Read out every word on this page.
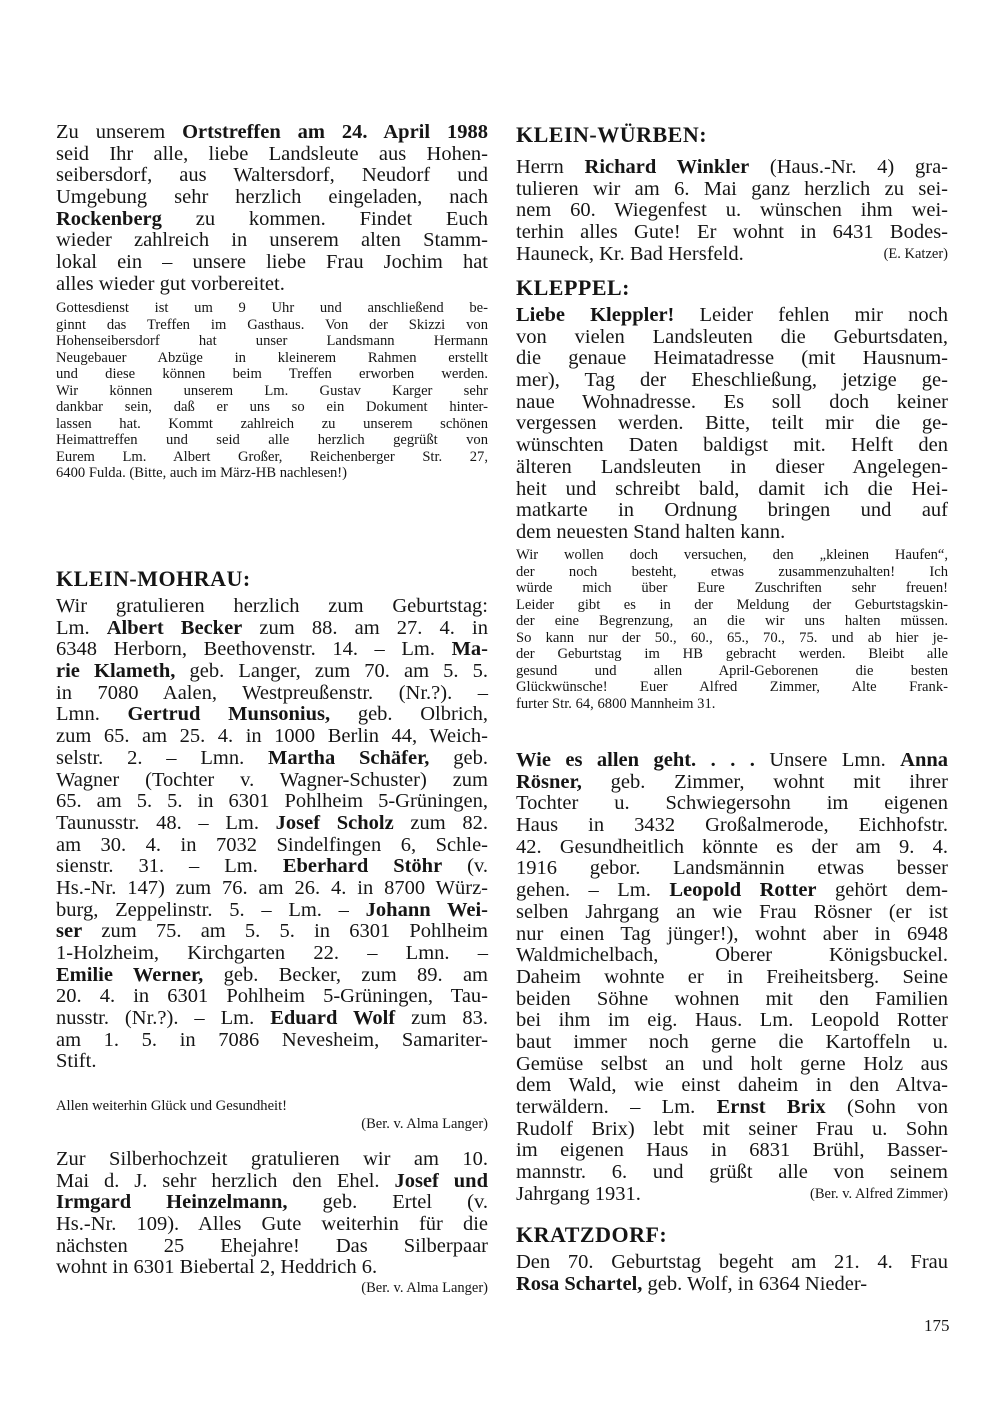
Zu unserem Ortstreffen am 24. April 1988
seid Ihr alle, liebe Landsleute aus Hohen-
seibersdorf, aus Waltersdorf, Neudorf und
Umgebung sehr herzlich eingeladen, nach
Rockenberg zu kommen. Findet Euch
wieder zahlreich in unserem alten Stamm-
lokal ein – unsere liebe Frau Jochim hat
alles wieder gut vorbereitet.
Gottesdienst ist um 9 Uhr und anschließend be-
ginnt das Treffen im Gasthaus. Von der Skizzi von
Hohenseibersdorf hat unser Landsmann Hermann
Neugebauer Abzüge in kleinerem Rahmen erstellt
und diese können beim Treffen erworben werden.
Wir können unserem Lm. Gustav Karger sehr
dankbar sein, daß er uns so ein Dokument hinter-
lassen hat. Kommt zahlreich zu unserem schönen
Heimattreffen und seid alle herzlich gegrüßt von
Eurem Lm. Albert Großer, Reichenberger Str. 27,
6400 Fulda. (Bitte, auch im März-HB nachlesen!)
KLEIN-MOHRAU:
Wir gratulieren herzlich zum Geburtstag:
Lm. Albert Becker zum 88. am 27. 4. in
6348 Herborn, Beethovenstr. 14. – Lm. Ma-
rie Klameth, geb. Langer, zum 70. am 5. 5.
in 7080 Aalen, Westpreußenstr. (Nr.?). –
Lmn. Gertrud Munsonius, geb. Olbrich,
zum 65. am 25. 4. in 1000 Berlin 44, Weich-
selstr. 2. – Lmn. Martha Schäfer, geb.
Wagner (Tochter v. Wagner-Schuster) zum
65. am 5. 5. in 6301 Pohlheim 5-Grüningen,
Taunusstr. 48. – Lm. Josef Scholz zum 82.
am 30. 4. in 7032 Sindelfingen 6, Schle-
sienstr. 31. – Lm. Eberhard Stöhr (v.
Hs.-Nr. 147) zum 76. am 26. 4. in 8700 Würz-
burg, Zeppelinstr. 5. – Lm. – Johann Wei-
ser zum 75. am 5. 5. in 6301 Pohlheim
1-Holzheim, Kirchgarten 22. – Lmn. –
Emilie Werner, geb. Becker, zum 89. am
20. 4. in 6301 Pohlheim 5-Grüningen, Tau-
nusstr. (Nr.?). – Lm. Eduard Wolf zum 83.
am 1. 5. in 7086 Nevesheim, Samariter-
Stift.
Allen weiterhin Glück und Gesundheit!
(Ber. v. Alma Langer)
Zur Silberhochzeit gratulieren wir am 10.
Mai d. J. sehr herzlich den Ehel. Josef und
Irmgard Heinzelmann, geb. Ertel (v.
Hs.-Nr. 109). Alles Gute weiterhin für die
nächsten 25 Ehejahre! Das Silberpaar
wohnt in 6301 Biebertal 2, Heddrich 6.
(Ber. v. Alma Langer)
KLEIN-WÜRBEN:
Herrn Richard Winkler (Haus.-Nr. 4) gra-
tulieren wir am 6. Mai ganz herzlich zu sei-
nem 60. Wiegenfest u. wünschen ihm wei-
terhin alles Gute! Er wohnt in 6431 Bodes-
Hauneck, Kr. Bad Hersfeld.	(E. Katzer)
KLEPPEL:
Liebe Kleppler! Leider fehlen mir noch
von vielen Landsleuten die Geburtsdaten,
die genaue Heimatadresse (mit Hausnum-
mer), Tag der Eheschließung, jetzige ge-
naue Wohnadresse. Es soll doch keiner
vergessen werden. Bitte, teilt mir die ge-
wünschten Daten baldigst mit. Helft den
älteren Landsleuten in dieser Angelegen-
heit und schreibt bald, damit ich die Hei-
matkarte in Ordnung bringen und auf
dem neuesten Stand halten kann.
Wir wollen doch versuchen, den „kleinen Haufen“,
der noch besteht, etwas zusammenzuhalten! Ich
würde mich über Eure Zuschriften sehr freuen!
Leider gibt es in der Meldung der Geburtstagskin-
der eine Begrenzung, an die wir uns halten müssen.
So kann nur der 50., 60., 65., 70., 75. und ab hier je-
der Geburtstag im HB gebracht werden. Bleibt alle
gesund und allen April-Geborenen die besten
Glückwünsche! Euer Alfred Zimmer, Alte Frank-
furter Str. 64, 6800 Mannheim 31.
Wie es allen geht. . . . Unsere Lmn. Anna
Rösner, geb. Zimmer, wohnt mit ihrer
Tochter u. Schwiegersohn im eigenen
Haus in 3432 Großalmerode, Eichhofstr.
42. Gesundheitlich könnte es der am 9. 4.
1916 gebor. Landsmännin etwas besser
gehen. – Lm. Leopold Rotter gehört dem-
selben Jahrgang an wie Frau Rösner (er ist
nur einen Tag jünger!), wohnt aber in 6948
Waldmichelbach, Oberer Königsbuckel.
Daheim wohnte er in Freiheitsberg. Seine
beiden Söhne wohnen mit den Familien
bei ihm im eig. Haus. Lm. Leopold Rotter
baut immer noch gerne die Kartoffeln u.
Gemüse selbst an und holt gerne Holz aus
dem Wald, wie einst daheim in den Altva-
terwäldern. – Lm. Ernst Brix (Sohn von
Rudolf Brix) lebt mit seiner Frau u. Sohn
im eigenen Haus in 6831 Brühl, Basser-
mannstr. 6. und grüßt alle von seinem
Jahrgang 1931.	(Ber. v. Alfred Zimmer)
KRATZDORF:
Den 70. Geburtstag begeht am 21. 4. Frau
Rosa Schartel, geb. Wolf, in 6364 Nieder-
175
